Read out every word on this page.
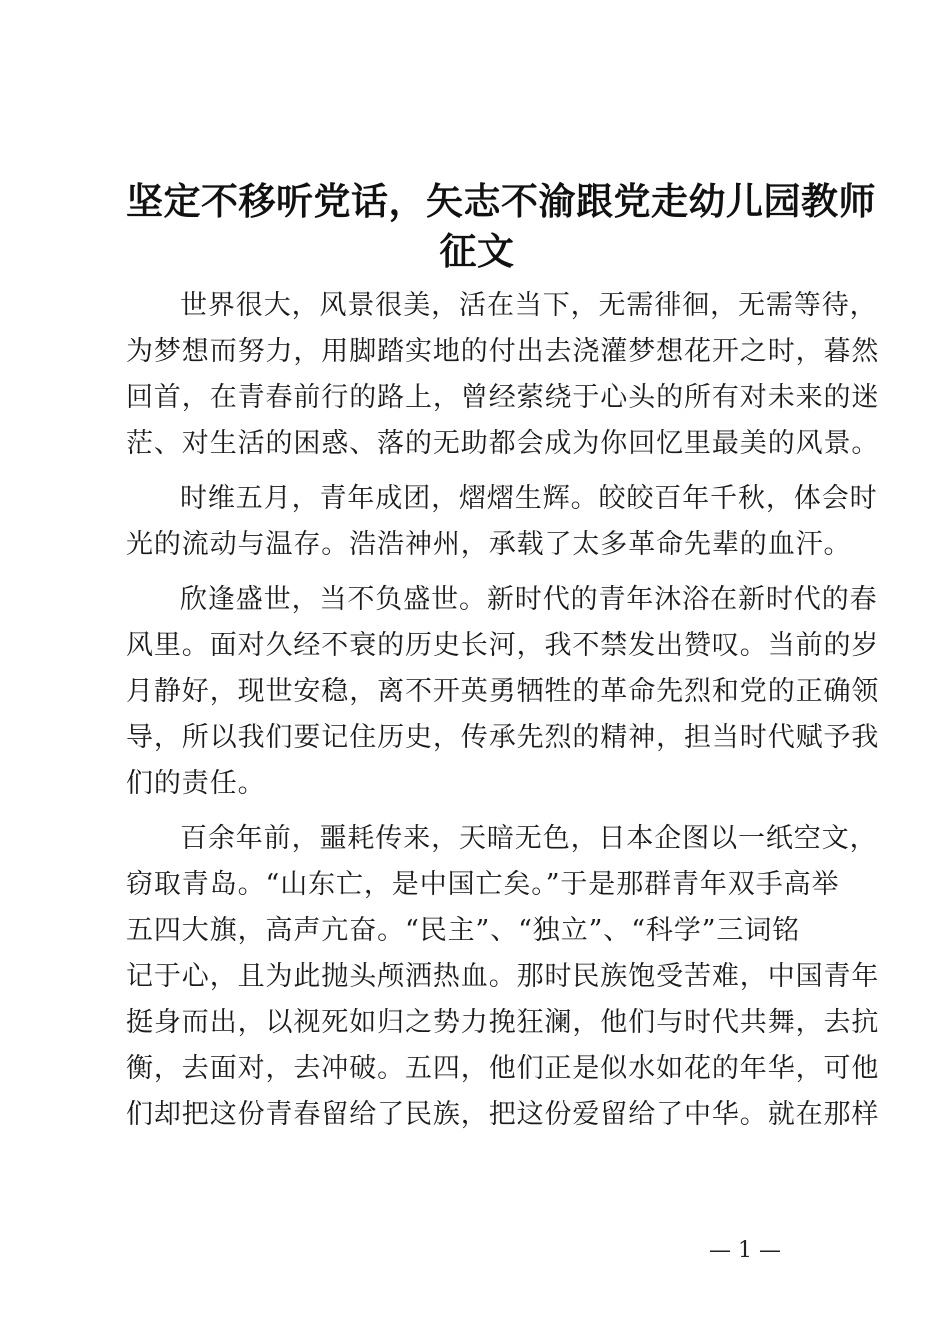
坚定不移听党话，矢志不渝跟党走幼儿园教师
征文
世界很大，风景很美，活在当下，无需徘徊，无需等待，
为梦想而努力，用脚踏实地的付出去浇灌梦想花开之时，暮然
回首，在青春前行的路上，曾经萦绕于心头的所有对未来的迷
茫、对生活的困惑、落的无助都会成为你回忆里最美的风景。
时维五月，青年成团，熠熠生辉。皎皎百年千秋，体会时
光的流动与温存。浩浩神州，承载了太多革命先辈的血汗。
欣逢盛世，当不负盛世。新时代的青年沐浴在新时代的春
风里。面对久经不衰的历史长河，我不禁发出赞叹。当前的岁
月静好，现世安稳，离不开英勇牺牲的革命先烈和党的正确领
导，所以我们要记住历史，传承先烈的精神，担当时代赋予我
们的责任。
百余年前，噩耗传来，天暗无色，日本企图以一纸空文，
窃取青岛。“山东亡，是中国亡矣。”于是那群青年双手高举
五四大旗，高声亢奋。“民主”、“独立”、“科学”三词铭
记于心，且为此抛头颅洒热血。那时民族饱受苦难，中国青年
挺身而出，以视死如归之势力挽狂澜，他们与时代共舞，去抗
衡，去面对，去冲破。五四，他们正是似水如花的年华，可他
们却把这份青春留给了民族，把这份爱留给了中华。就在那样
— 1 —
